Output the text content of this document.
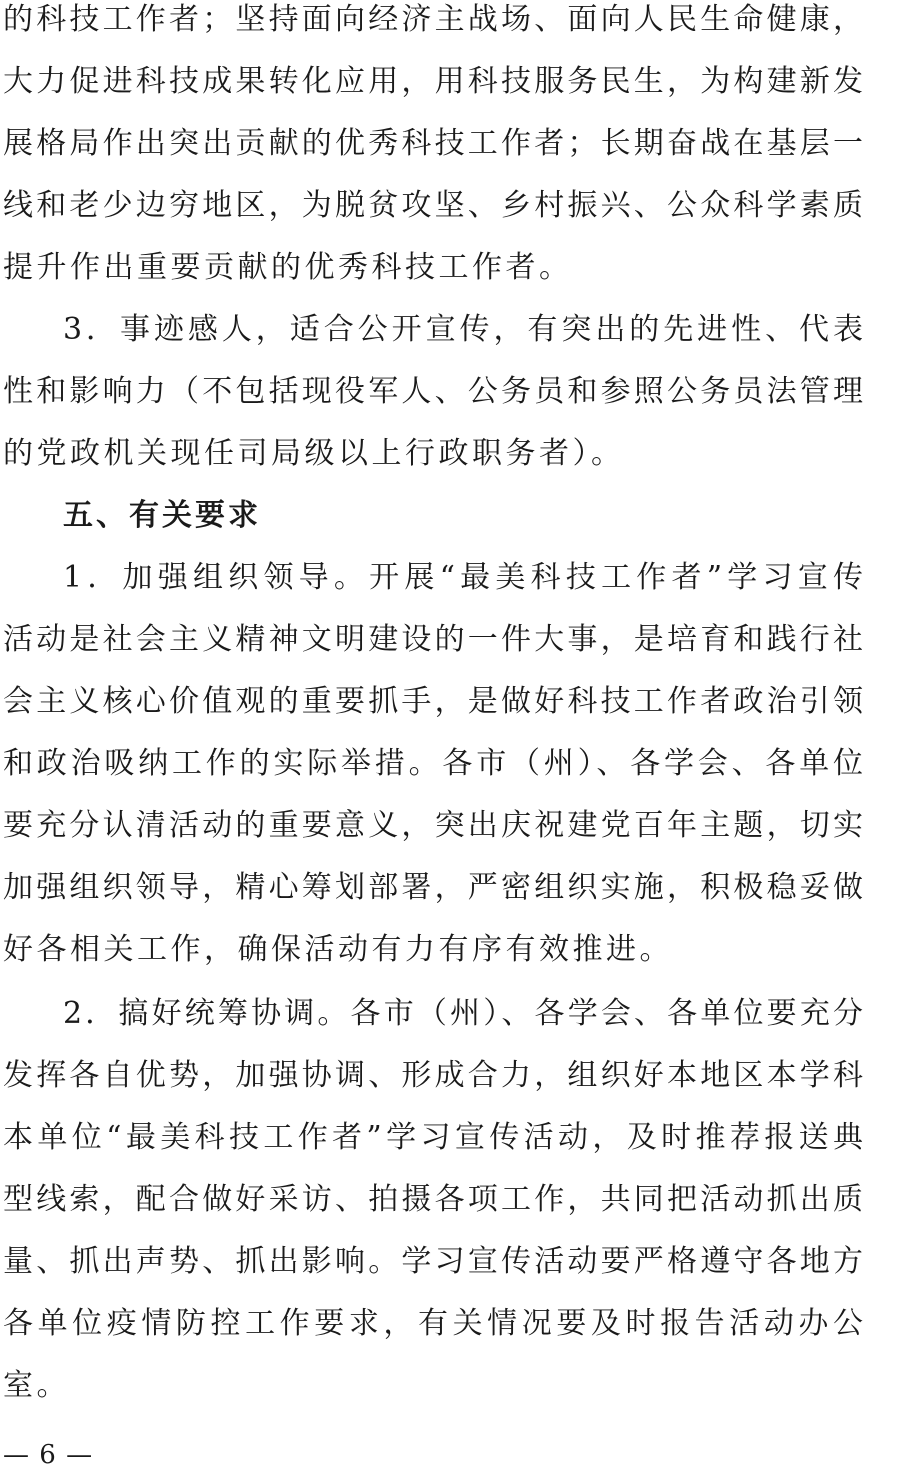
的科技工作者；坚持面向经济主战场、面向人民生命健康，
大力促进科技成果转化应用，用科技服务民生，为构建新发
展格局作出突出贡献的优秀科技工作者；长期奋战在基层一
线和老少边穷地区，为脱贫攻坚、乡村振兴、公众科学素质
提升作出重要贡献的优秀科技工作者。
3．事迹感人，适合公开宣传，有突出的先进性、代表
性和影响力（不包括现役军人、公务员和参照公务员法管理
的党政机关现任司局级以上行政职务者）。
五、有关要求
1．加强组织领导。开展“最美科技工作者”学习宣传
活动是社会主义精神文明建设的一件大事，是培育和践行社
会主义核心价值观的重要抓手，是做好科技工作者政治引领
和政治吸纳工作的实际举措。各市（州）、各学会、各单位
要充分认清活动的重要意义，突出庆祝建党百年主题，切实
加强组织领导，精心筹划部署，严密组织实施，积极稳妥做
好各相关工作，确保活动有力有序有效推进。
2．搞好统筹协调。各市（州）、各学会、各单位要充分
发挥各自优势，加强协调、形成合力，组织好本地区本学科
本单位“最美科技工作者”学习宣传活动，及时推荐报送典
型线索，配合做好采访、拍摄各项工作，共同把活动抓出质
量、抓出声势、抓出影响。学习宣传活动要严格遵守各地方
各单位疫情防控工作要求，有关情况要及时报告活动办公
室。
— 6 —
